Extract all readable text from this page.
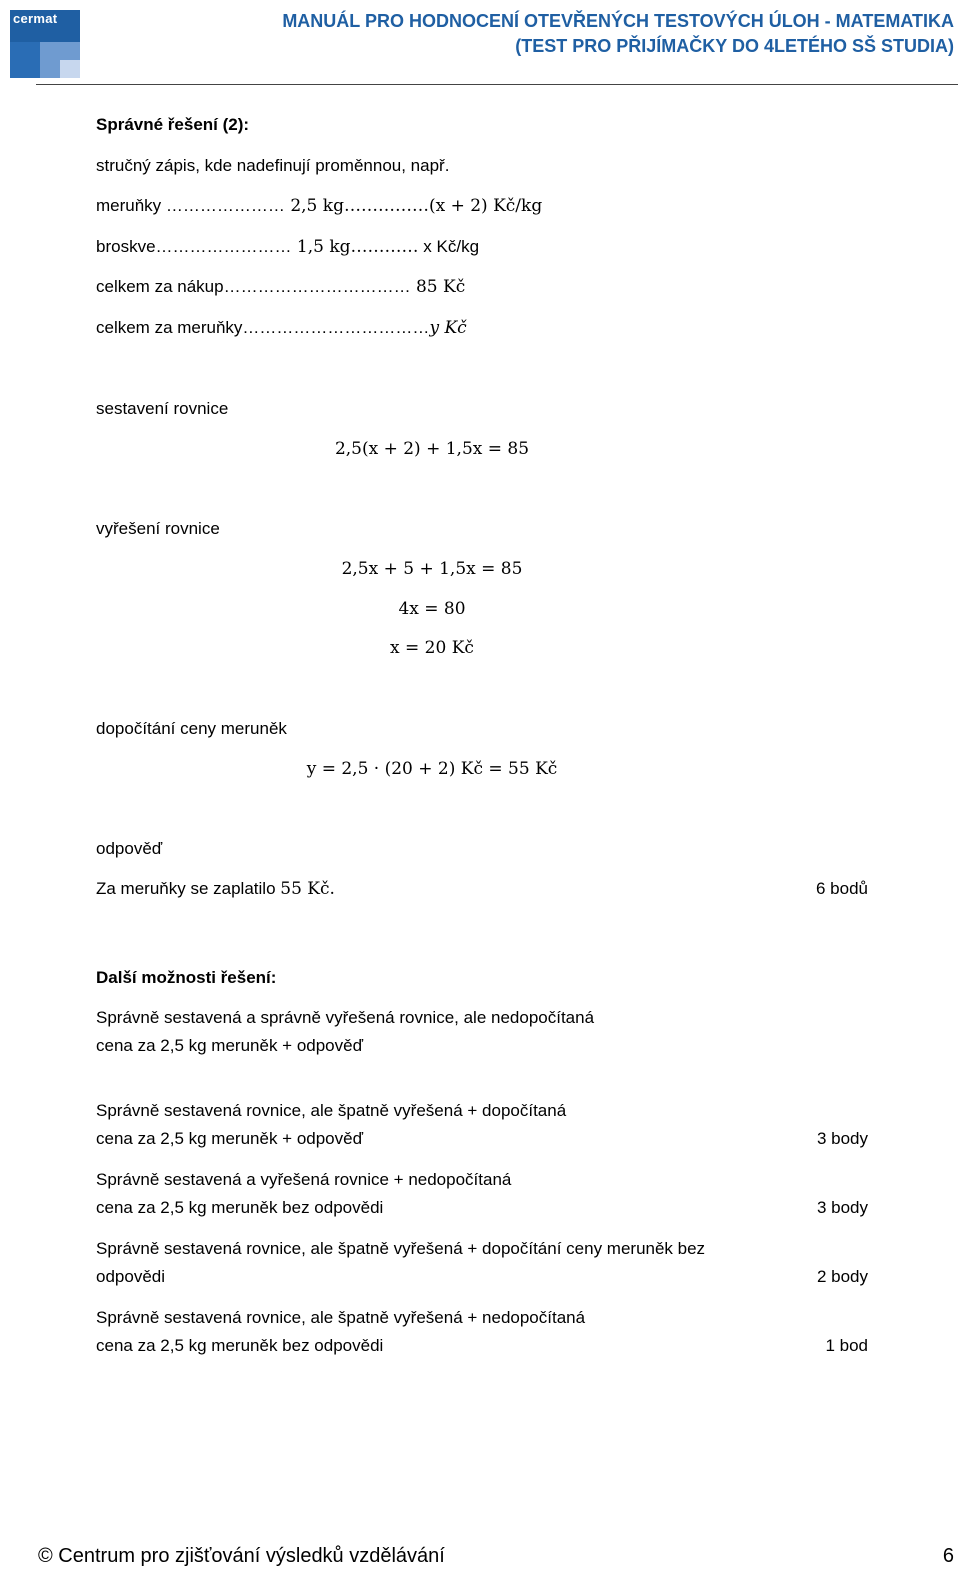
cermat	MANUÁL PRO HODNOCENÍ OTEVŘENÝCH TESTOVÝCH ÚLOH - MATEMATIKA
(TEST PRO PŘIJÍMAČKY DO 4LETÉHO SŠ STUDIA)
Správné řešení (2):
stručný zápis, kde nadefinují proměnnou, např.
meruňky ………………… 2,5 kg……………(x + 2) Kč/kg
broskve…………………… 1,5 kg………… x Kč/kg
celkem za nákup…………………………… 85 Kč
celkem za meruňky……………………………y Kč
sestavení rovnice
2,5(x + 2) + 1,5x = 85
vyřešení rovnice
2,5x + 5 + 1,5x = 85
4x = 80
x = 20 Kč
dopočítání ceny meruněk
y = 2,5 · (20 + 2) Kč = 55 Kč
odpověď
Za meruňky se zaplatilo 55 Kč.	6 bodů
Další možnosti řešení:
Správně sestavená a správně vyřešená rovnice, ale nedopočítaná
cena za 2,5 kg meruněk + odpověď
Správně sestavená rovnice, ale špatně vyřešená + dopočítaná
cena za 2,5 kg meruněk + odpověď	3 body
Správně sestavená a vyřešená rovnice + nedopočítaná
cena za 2,5 kg meruněk bez odpovědi	3 body
Správně sestavená rovnice, ale špatně vyřešená + dopočítání ceny meruněk bez
odpovědi	2 body
Správně sestavená rovnice, ale špatně vyřešená + nedopočítaná
cena za 2,5 kg meruněk bez odpovědi	1 bod
© Centrum pro zjišťování výsledků vzdělávání	6
